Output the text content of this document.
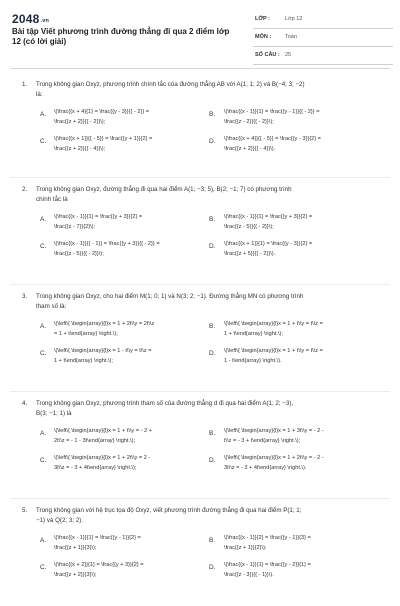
2048.vn
Bài tập Viết phương trình đường thẳng đi qua 2 điểm lớp 12 (có lời giải)
LỚP :	Lớp 12
MÔN :	Toán
SỐ CÂU : 25
1. Trong không gian Oxyz, phương trình chính tắc của đường thẳng AB với A(1; 1; 2) và B(−4; 3; −2)
là:
A. \(\frac{{x + 4}{1} = \frac{{y - 3}}{{ - 2}} =
\frac{{z + 2}}{{ - 2}}\);
B. \(\frac{{x - 1}}{1} = \frac{{y - 1}}{{ - 2}} =
\frac{{z - 2}}{{ - 2}}\);
C. \(\frac{{x + 1}}{{ - 5}} = \frac{{y + 1}}{2} =
\frac{{z + 2}}{{ - 4}}\);
D. \(\frac{{x + 4}}{{ - 5}} = \frac{{y - 3}}{2} =
\frac{{z + 2}}{{ - 4}}\).
2. Trong không gian Oxyz, đường thẳng đi qua hai điểm A(1; −3; 5), B(2; −1; 7) có phương trình
chính tắc là
A. \(\frac{{x - 1}}{1} = \frac{{y + 3}}{2} =
\frac{{z - 7}}{2}\);
B. \(\frac{{x - 1}}{1} = \frac{{y + 3}}{2} =
\frac{{z - 5}}{{ - 2}}\);
C. \(\frac{{x - 1}}{{ - 1}} = \frac{{y + 3}}{{ - 2}} =
\frac{{z - 5}}{{ - 2}}\);
D. \(\frac{{x + 1}}{1} = \frac{{y - 3}}{2} =
\frac{{z + 5}}{{ - 2}}\).
3. Trong không gian Oxyz, cho hai điểm M(1; 0; 1) và N(3; 2; −1). Đường thẳng MN có phương trình
tham số là:
A. \(\left\{ \begin{array}{l}x = 1 + 2t\\y = 2t\\z
= 1 + t\end{array} \right.\);
B. \(\left\{ \begin{array}{l}x = 1 + t\\y = t\\z =
1 + t\end{array} \right.\);
C. \(\left\{ \begin{array}{l}x = 1 - t\\y = t\\z =
1 + t\end{array} \right.\);
D. \(\left\{ \begin{array}{l}x = 1 + t\\y = t\\z =
1 - t\end{array} \right.\).
4. Trong không gian Oxyz, phương trình tham số của đường thẳng d đi qua hai điểm A(1; 2; −3),
B(3; −1; 1) là
A. \(\left\{ \begin{array}{l}x = 1 + t\\y = - 2 +
2t\\z = - 1 - 3t\end{array} \right.\);
B. \(\left\{ \begin{array}{l}x = 1 + 3t\\y = - 2 -
t\\z = - 3 + t\end{array} \right.\);
C. \(\left\{ \begin{array}{l}x = 1 + 2t\\y = 2 -
3t\\z = - 3 + 4t\end{array} \right.\);
D. \(\left\{ \begin{array}{l}x = 1 + 2t\\y = - 2 -
3t\\z = - 3 + 4t\end{array} \right.\).
5. Trong không gian với hệ trục tọa độ Oxyz, viết phương trình đường thẳng đi qua hai điểm P(1; 1;
−1) và Q(2; 3; 2).
A. \(\frac{{x - 1}}{1} = \frac{{y - 1}}{2} =
\frac{{z + 1}}{3}\);
B. \(\frac{{x - 1}}{2} = \frac{{y - 1}}{3} =
\frac{{z + 1}}{2}\);
C. \(\frac{{x + 2}}{1} = \frac{{y + 3}}{2} =
\frac{{z + 2}}{3}\);
D. \(\frac{{x - 1}}{1} = \frac{{y - 2}}{1} =
\frac{{z - 3}}{{ - 1}}\).
